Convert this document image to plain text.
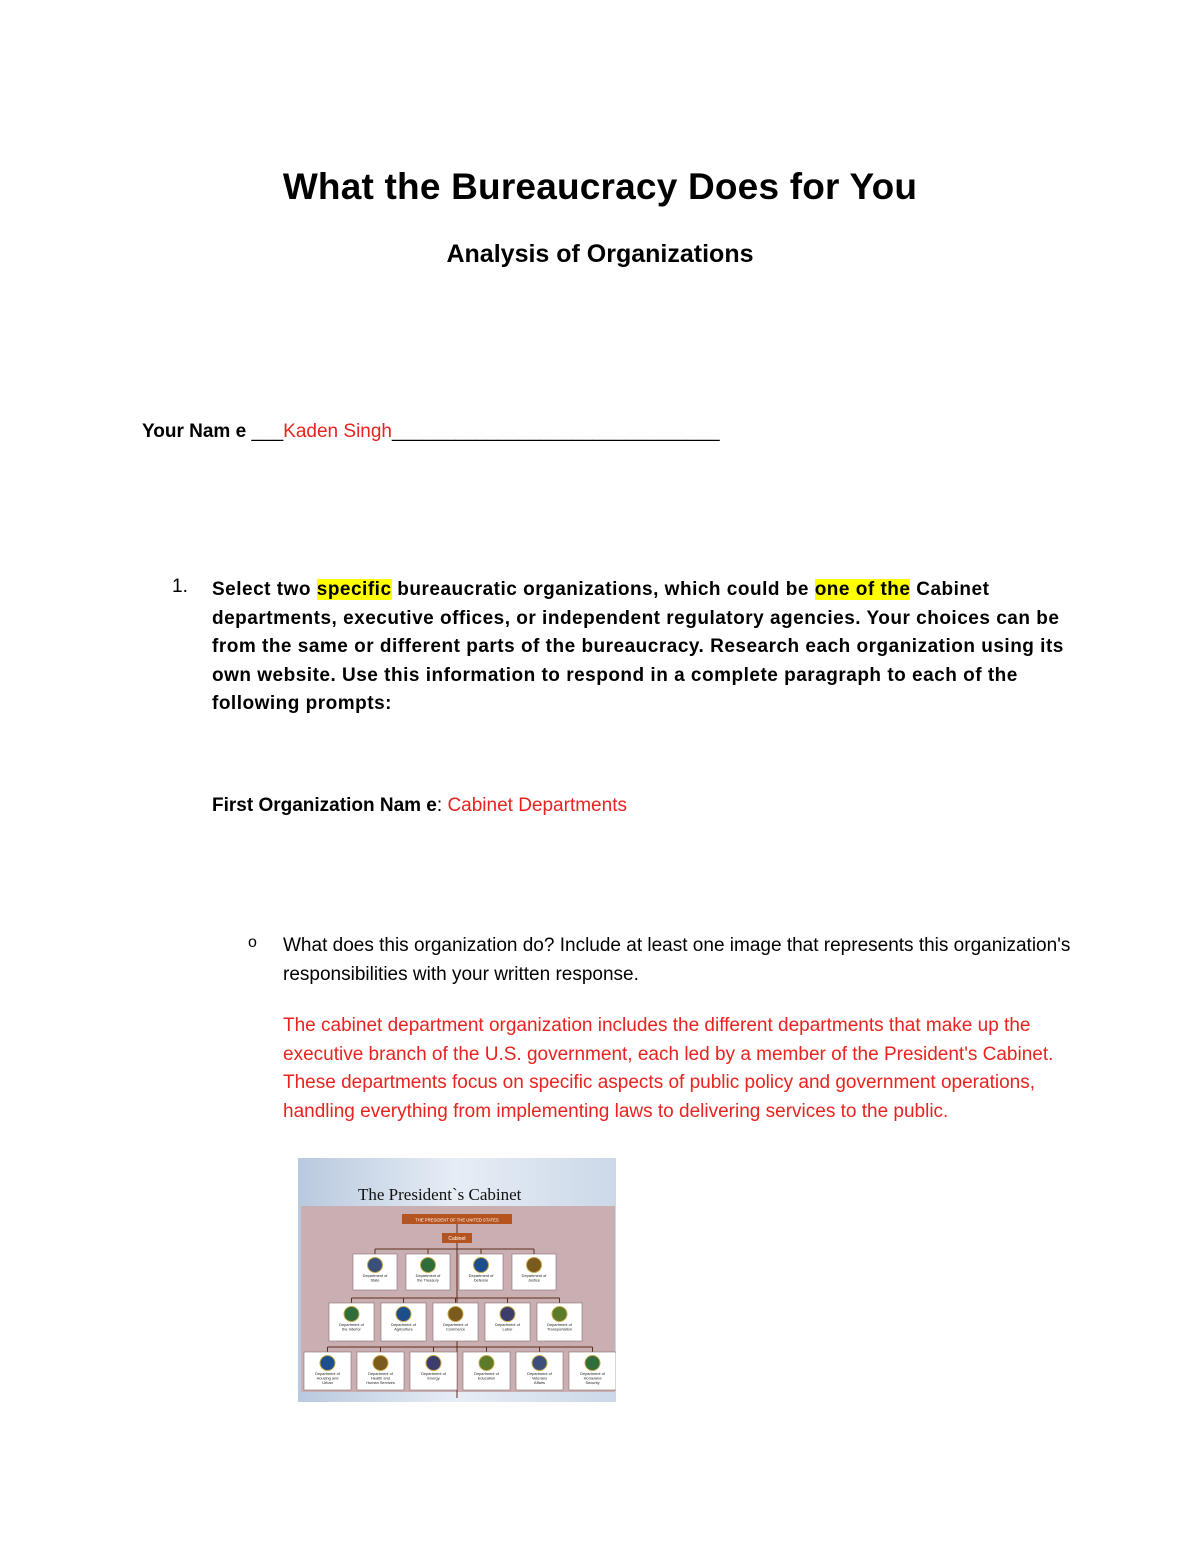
What the Bureaucracy Does for You
Analysis of Organizations
Your Nam e ___Kaden Singh_______________________________
1. Select two specific bureaucratic organizations, which could be one of the Cabinet departments, executive offices, or independent regulatory agencies. Your choices can be from the same or different parts of the bureaucracy. Research each organization using its own website. Use this information to respond in a complete paragraph to each of the following prompts:
First Organization Nam e: Cabinet Departments
o What does this organization do? Include at least one image that represents this organization's responsibilities with your written response.
The cabinet department organization includes the different departments that make up the executive branch of the U.S. government, each led by a member of the President's Cabinet. These departments focus on specific aspects of public policy and government operations, handling everything from implementing laws to delivering services to the public.
The President`s Cabinet
THE PRESIDENT OF THE UNITED STATES
Cabinet
Department of
State
Department of
the Treasury
Department of
Defense
Department of
Justice
Department of
the Interior
Department of
Agriculture
Department of
Commerce
Department of
Labor
Department of
Transportation
Department of
Housing and
Urban
Department of
Health and
Human Services
Department of
Energy
Department of
Education
Department of
Veterans
Affairs
Department of
Homeland
Security
